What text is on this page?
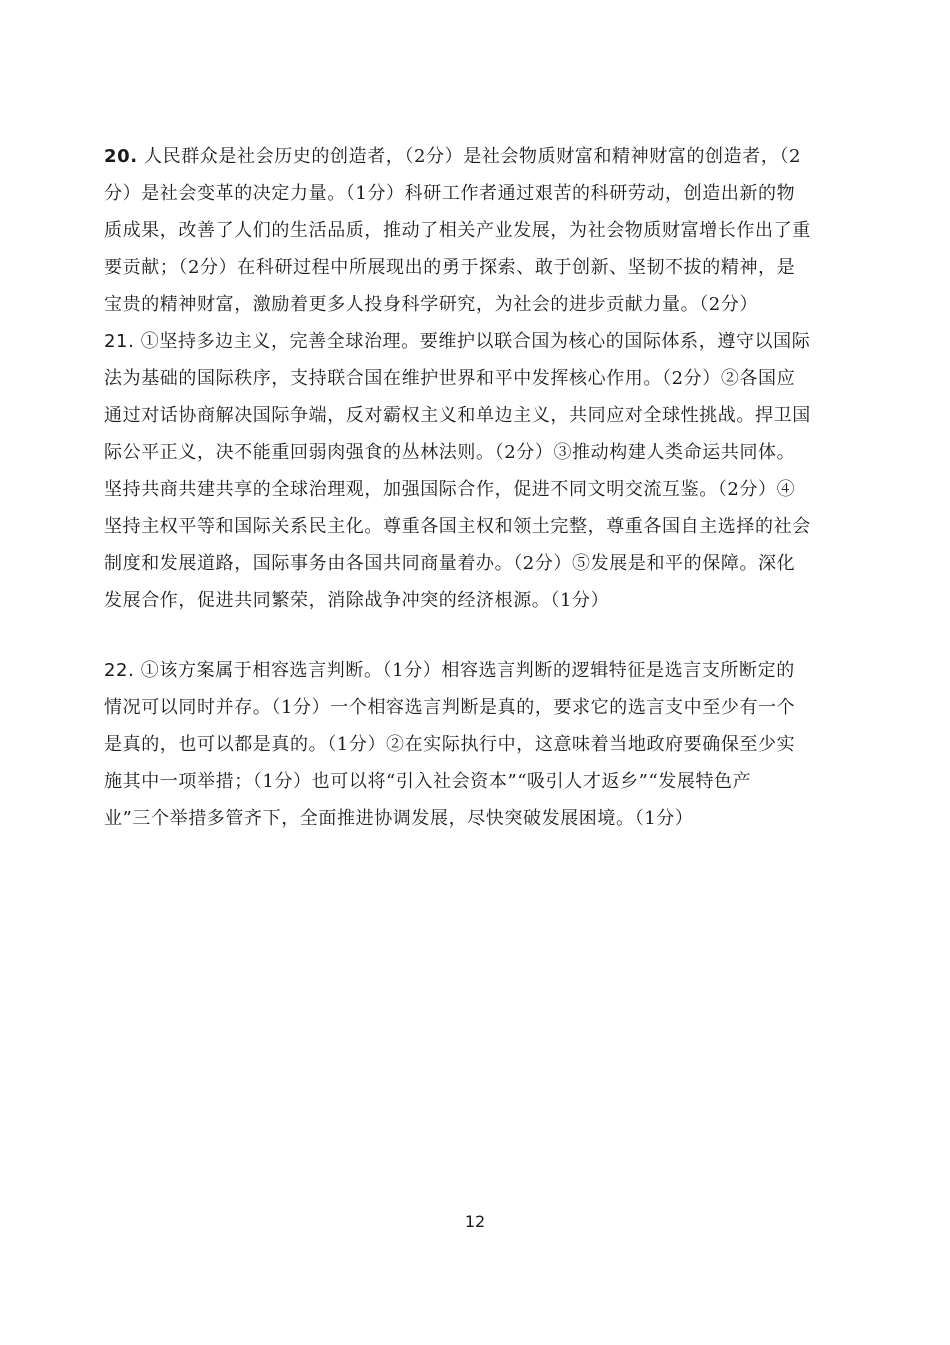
20. 人民群众是社会历史的创造者，（2分）是社会物质财富和精神财富的创造者，（2
分）是社会变革的决定力量。（1分）科研工作者通过艰苦的科研劳动，创造出新的物
质成果，改善了人们的生活品质，推动了相关产业发展，为社会物质财富增长作出了重
要贡献；（2分）在科研过程中所展现出的勇于探索、敢于创新、坚韧不拔的精神，是
宝贵的精神财富，激励着更多人投身科学研究，为社会的进步贡献力量。（2分）

21. ①坚持多边主义，完善全球治理。要维护以联合国为核心的国际体系，遵守以国际
法为基础的国际秩序，支持联合国在维护世界和平中发挥核心作用。（2分）②各国应
通过对话协商解决国际争端，反对霸权主义和单边主义，共同应对全球性挑战。捍卫国
际公平正义，决不能重回弱肉强食的丛林法则。（2分）③推动构建人类命运共同体。
坚持共商共建共享的全球治理观，加强国际合作，促进不同文明交流互鉴。（2分）④
坚持主权平等和国际关系民主化。尊重各国主权和领土完整，尊重各国自主选择的社会
制度和发展道路，国际事务由各国共同商量着办。（2分）⑤发展是和平的保障。深化
发展合作，促进共同繁荣，消除战争冲突的经济根源。（1分）

22. ①该方案属于相容选言判断。（1分）相容选言判断的逻辑特征是选言支所断定的
情况可以同时并存。（1分）一个相容选言判断是真的，要求它的选言支中至少有一个
是真的，也可以都是真的。（1分）②在实际执行中，这意味着当地政府要确保至少实
施其中一项举措；（1分）也可以将“引入社会资本”“吸引人才返乡”“发展特色产
业”三个举措多管齐下，全面推进协调发展，尽快突破发展困境。（1分）

12
